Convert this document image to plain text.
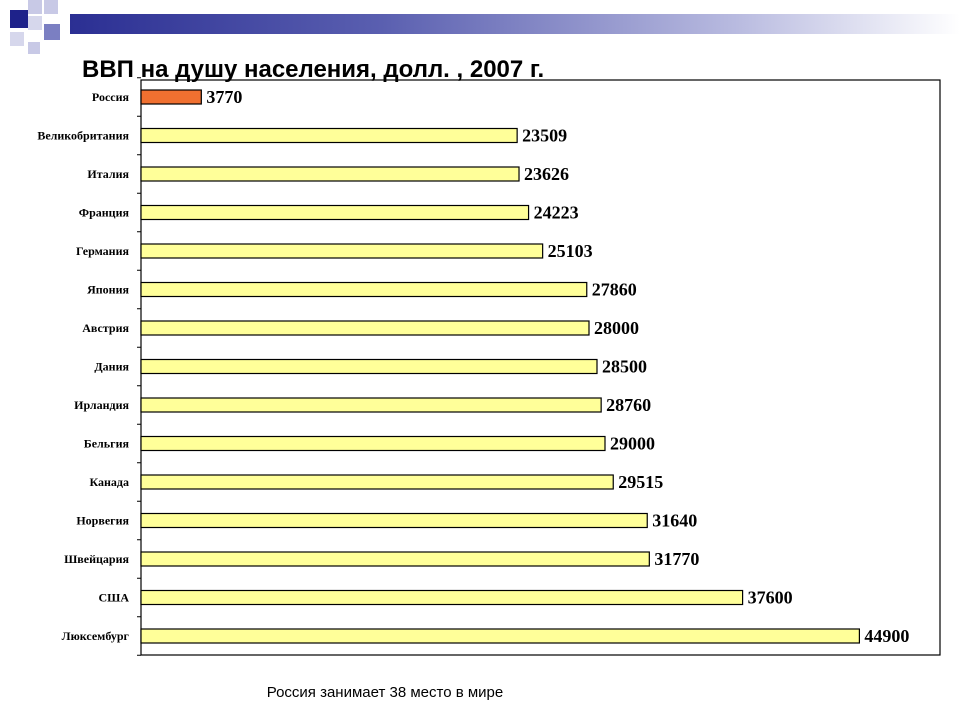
ВВП на душу населения, долл. , 2007 г.
Россия
Великобритания
Италия
Франция
Германия
Япония
Австрия
Дания
Ирландия
Бельгия
Канада
Норвегия
Швейцария
США
Люксембург
3770
23509
23626
24223
25103
27860
28000
28500
28760
29000
29515
31640
31770
37600
44900
Россия занимает 38 место в мире
